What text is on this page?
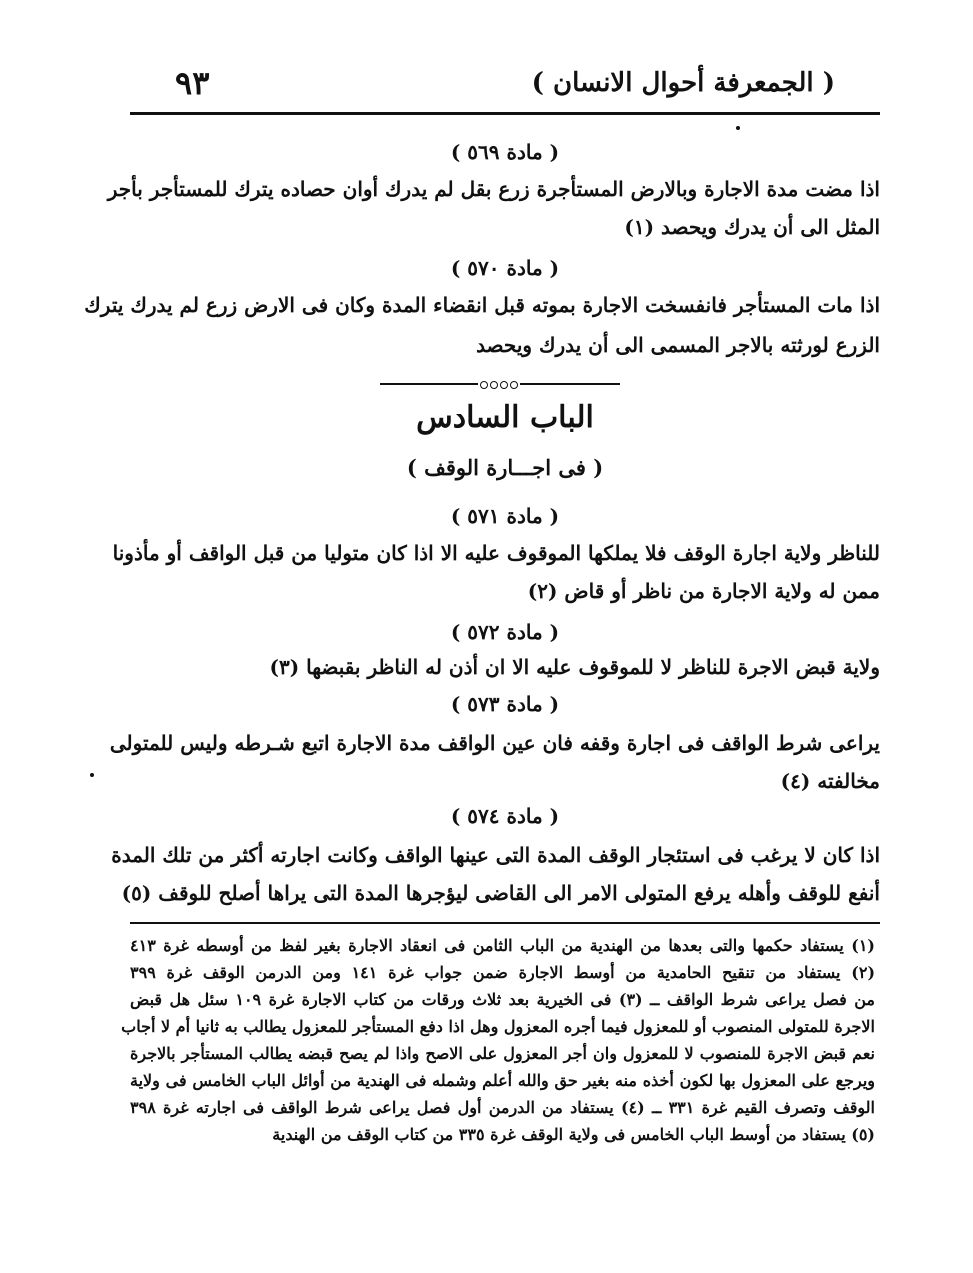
( الجمعرفة أحوال الانسان )
٩٣
( مادة ٥٦٩ )
اذا مضت مدة الاجارة وبالارض المستأجرة زرع بقل لم يدرك أوان حصاده يترك للمستأجر بأجر
المثل الى أن يدرك ويحصد (١)
( مادة ٥٧٠ )
اذا مات المستأجر فانفسخت الاجارة بموته قبل انقضاء المدة وكان فى الارض زرع لم يدرك يترك
الزرع لورثته بالاجر المسمى الى أن يدرك ويحصد
الباب السادس
( فى اجـــارة الوقف )
( مادة ٥٧١ )
للناظر ولاية اجارة الوقف فلا يملكها الموقوف عليه الا اذا كان متوليا من قبل الواقف أو مأذونا
ممن له ولاية الاجارة من ناظر أو قاض (٢)
( مادة ٥٧٢ )
ولاية قبض الاجرة للناظر لا للموقوف عليه الا ان أذن له الناظر بقبضها (٣)
( مادة ٥٧٣ )
يراعى شرط الواقف فى اجارة وقفه فان عين الواقف مدة الاجارة اتبع شـرطه وليس للمتولى
مخالفته (٤)
( مادة ٥٧٤ )
اذا كان لا يرغب فى استئجار الوقف المدة التى عينها الواقف وكانت اجارته أكثر من تلك المدة
أنفع للوقف وأهله يرفع المتولى الامر الى القاضى ليؤجرها المدة التى يراها أصلح للوقف (٥)
(١) يستفاد حكمها والتى بعدها من الهندية من الباب الثامن فى انعقاد الاجارة بغير لفظ من أوسطه غرة ٤١٣
(٢) يستفاد من تنقيح الحامدية من أوسط الاجارة ضمن جواب غرة ١٤١ ومن الدرمن الوقف غرة ٣٩٩
من فصل يراعى شرط الواقف ــ (٣) فى الخيرية بعد ثلاث ورقات من كتاب الاجارة غرة ١٠٩ سئل هل قبض
الاجرة للمتولى المنصوب أو للمعزول فيما أجره المعزول وهل اذا دفع المستأجر للمعزول يطالب به ثانيا أم لا أجاب
نعم قبض الاجرة للمنصوب لا للمعزول وان أجر المعزول على الاصح واذا لم يصح قبضه يطالب المستأجر بالاجرة
ويرجع على المعزول بها لكون أخذه منه بغير حق والله أعلم وشمله فى الهندية من أوائل الباب الخامس فى ولاية
الوقف وتصرف القيم غرة ٣٣١ ــ (٤) يستفاد من الدرمن أول فصل يراعى شرط الواقف فى اجارته غرة ٣٩٨
(٥) يستفاد من أوسط الباب الخامس فى ولاية الوقف غرة ٣٣٥ من كتاب الوقف من الهندية
